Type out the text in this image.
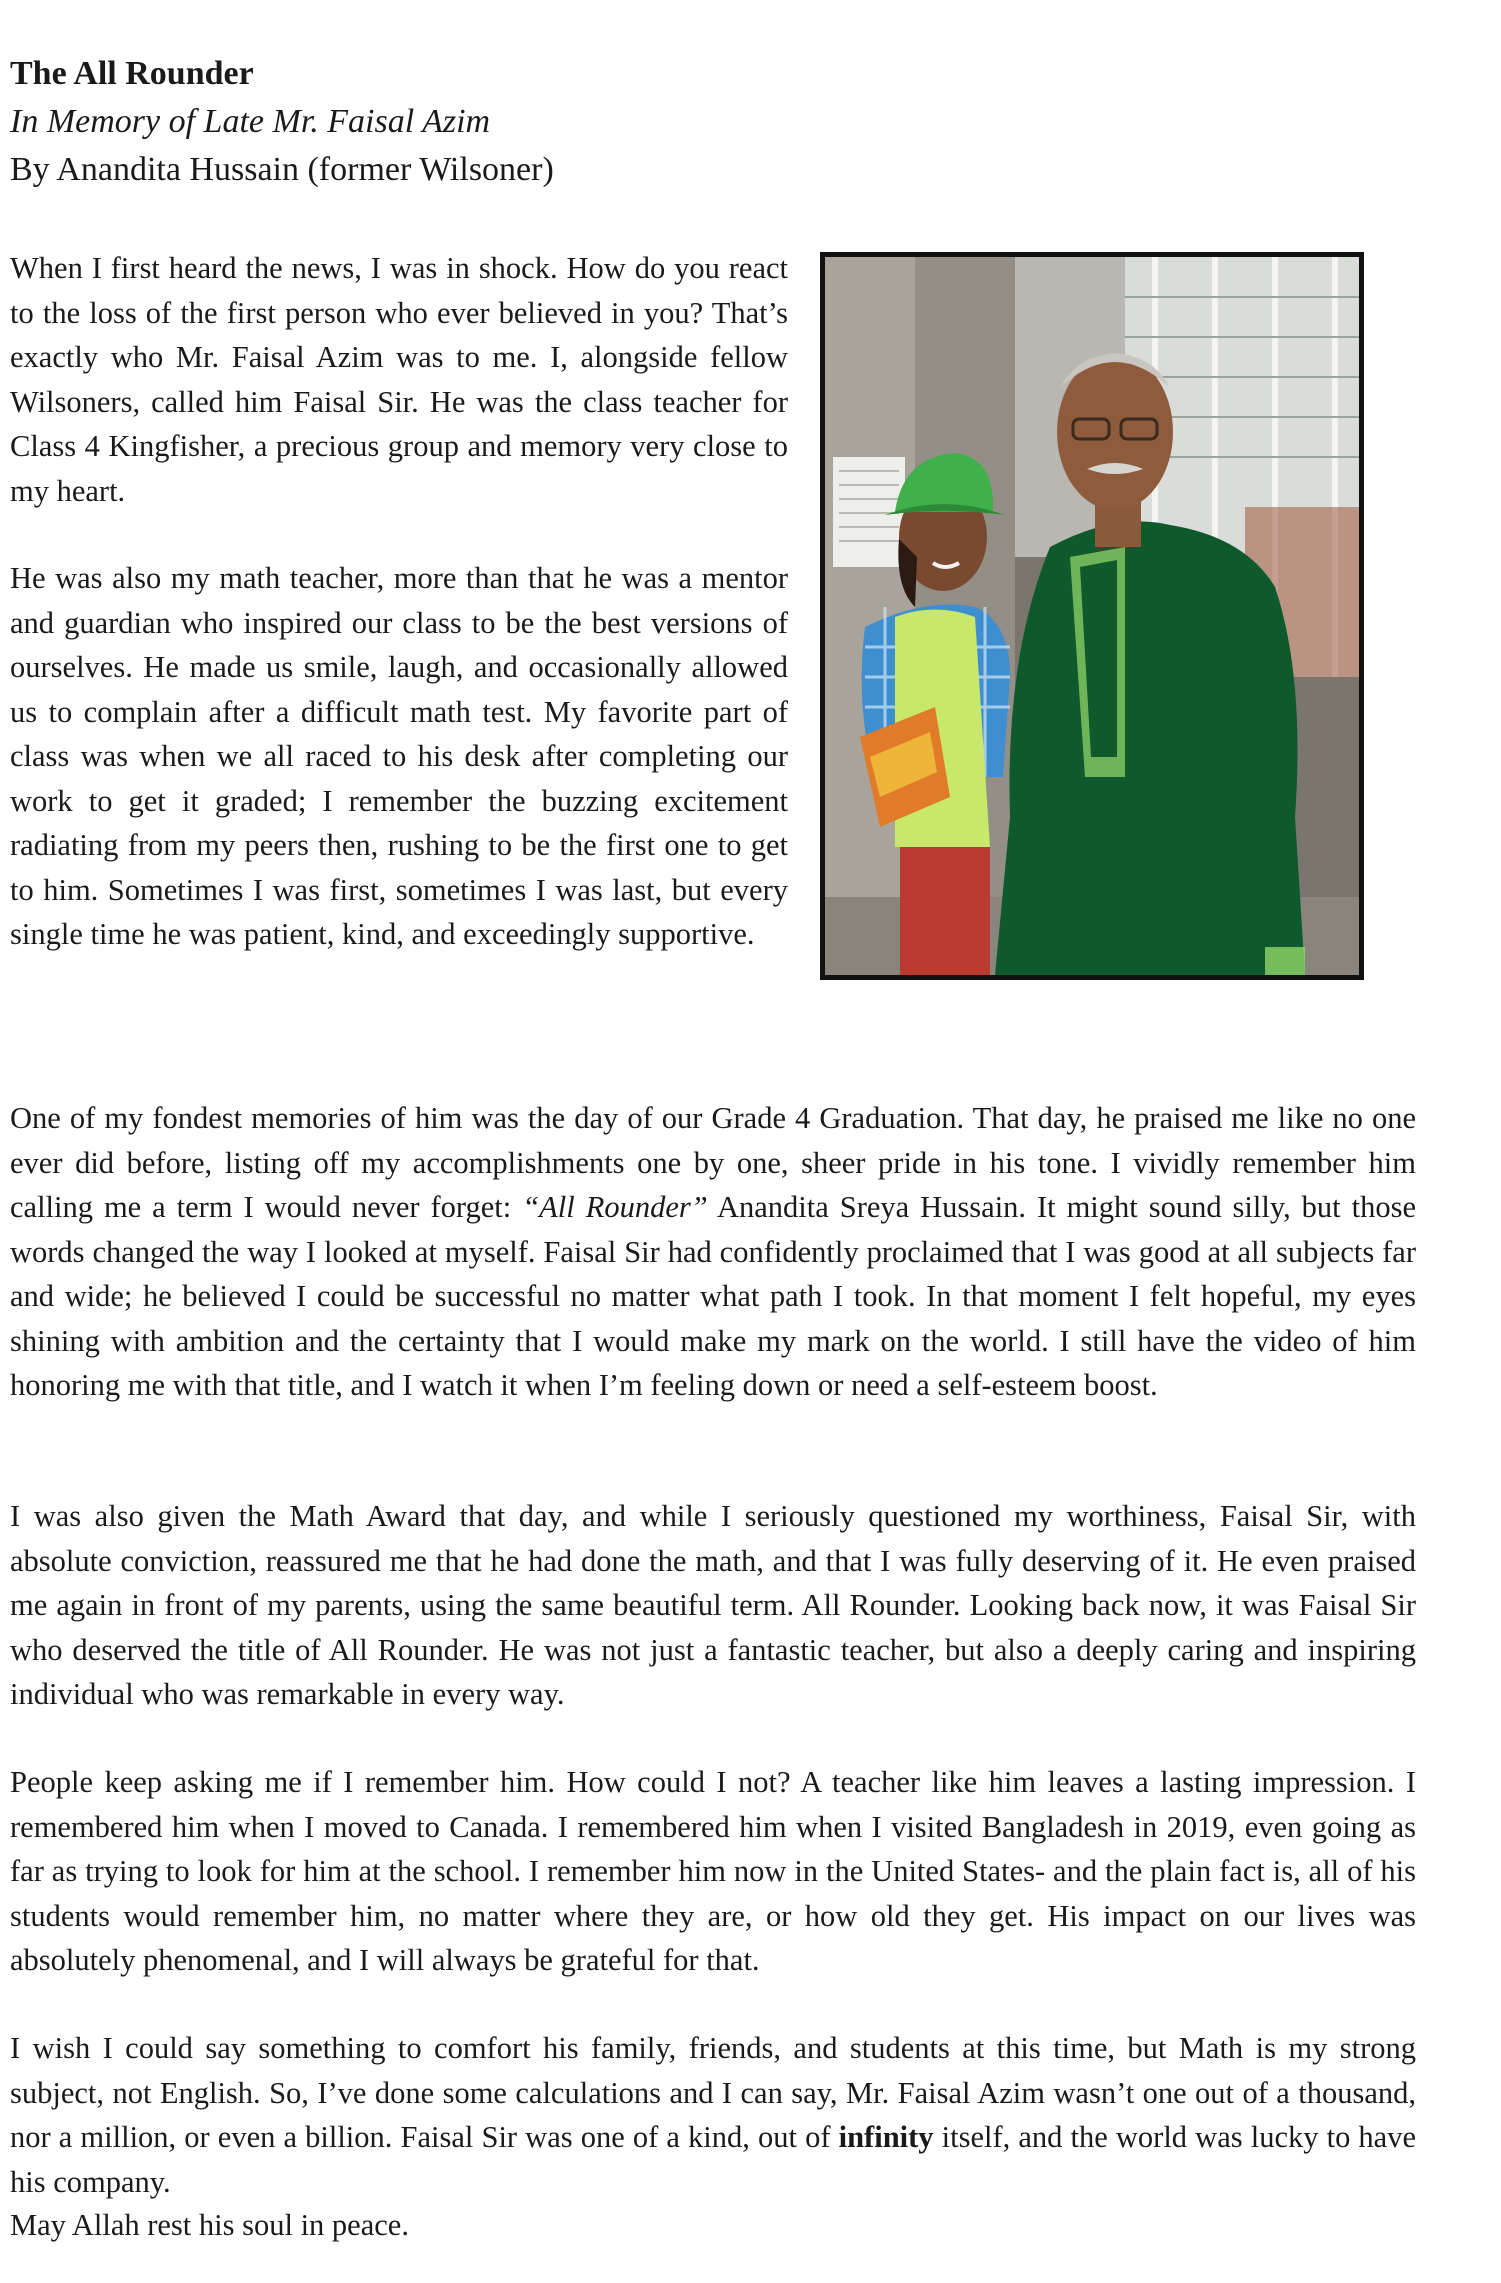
The All Rounder
In Memory of Late Mr. Faisal Azim
By Anandita Hussain (former Wilsoner)

When I first heard the news, I was in shock. How do you react to the loss of the first person who ever believed in you? That’s exactly who Mr. Faisal Azim was to me. I, alongside fellow Wilsoners, called him Faisal Sir. He was the class teacher for Class 4 Kingfisher, a precious group and memory very close to my heart.

He was also my math teacher, more than that he was a mentor and guardian who inspired our class to be the best versions of ourselves. He made us smile, laugh, and occasionally allowed us to complain after a difficult math test. My favorite part of class was when we all raced to his desk after completing our work to get it graded; I remember the buzzing excitement radiating from my peers then, rushing to be the first one to get to him. Sometimes I was first, sometimes I was last, but every single time he was patient, kind, and exceedingly supportive.

One of my fondest memories of him was the day of our Grade 4 Graduation. That day, he praised me like no one ever did before, listing off my accomplishments one by one, sheer pride in his tone. I vividly remember him calling me a term I would never forget: “All Rounder” Anandita Sreya Hussain. It might sound silly, but those words changed the way I looked at myself. Faisal Sir had confidently proclaimed that I was good at all subjects far and wide; he believed I could be successful no matter what path I took. In that moment I felt hopeful, my eyes shining with ambition and the certainty that I would make my mark on the world. I still have the video of him honoring me with that title, and I watch it when I’m feeling down or need a self-esteem boost.

I was also given the Math Award that day, and while I seriously questioned my worthiness, Faisal Sir, with absolute conviction, reassured me that he had done the math, and that I was fully deserving of it. He even praised me again in front of my parents, using the same beautiful term. All Rounder. Looking back now, it was Faisal Sir who deserved the title of All Rounder. He was not just a fantastic teacher, but also a deeply caring and inspiring individual who was remarkable in every way.

People keep asking me if I remember him. How could I not? A teacher like him leaves a lasting impression. I remembered him when I moved to Canada. I remembered him when I visited Bangladesh in 2019, even going as far as trying to look for him at the school. I remember him now in the United States- and the plain fact is, all of his students would remember him, no matter where they are, or how old they get. His impact on our lives was absolutely phenomenal, and I will always be grateful for that.

I wish I could say something to comfort his family, friends, and students at this time, but Math is my strong subject, not English. So, I’ve done some calculations and I can say, Mr. Faisal Azim wasn’t one out of a thousand, nor a million, or even a billion. Faisal Sir was one of a kind, out of infinity itself, and the world was lucky to have his company.

May Allah rest his soul in peace.
